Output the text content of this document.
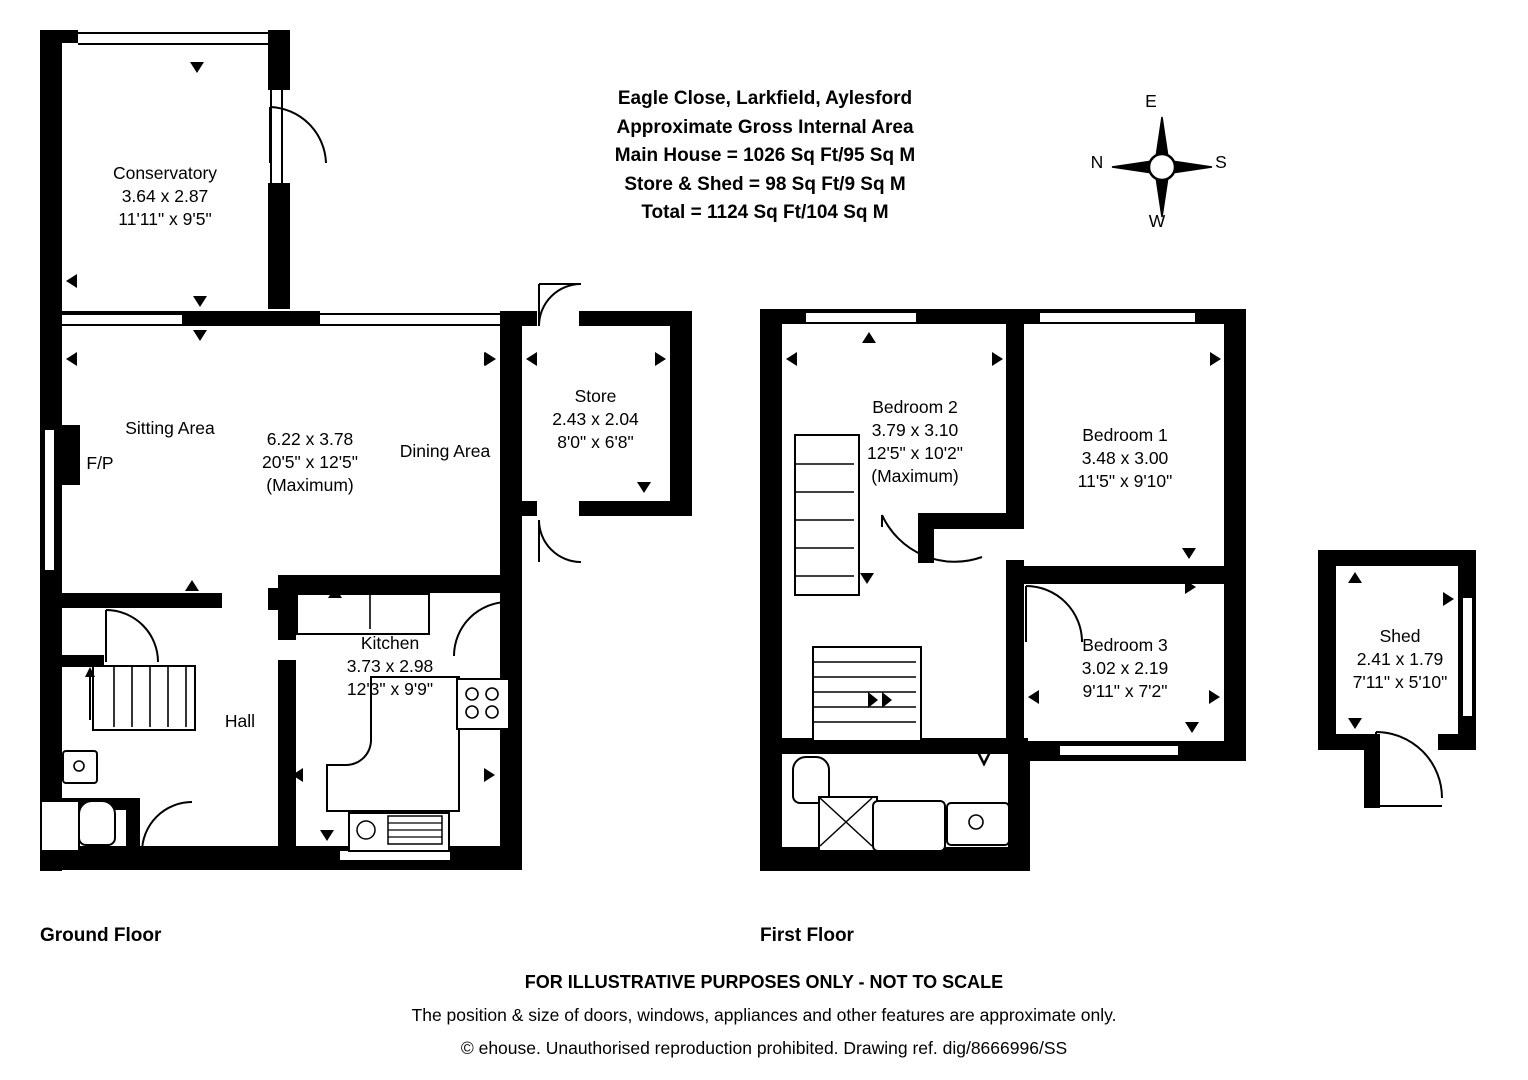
Eagle Close, Larkfield, Aylesford
Approximate Gross Internal Area
Main House = 1026 Sq Ft/95 Sq M
Store & Shed = 98 Sq Ft/9 Sq M
Total = 1124 Sq Ft/104 Sq M
E
N	S
W
Conservatory
3.64 x 2.87
11'11" x 9'5"
Store
2.43 x 2.04
8'0" x 6'8"
F/P
Sitting Area
6.22 x 3.78
20'5" x 12'5"
(Maximum)
Dining Area
Kitchen
3.73 x 2.98
12'3" x 9'9"
Hall
Ground Floor
Bedroom 2
3.79 x 3.10
12'5" x 10'2"
(Maximum)
Bedroom 1
3.48 x 3.00
11'5" x 9'10"
Bedroom 3
3.02 x 2.19
9'11" x 7'2"
First Floor
Shed
2.41 x 1.79
7'11" x 5'10"
FOR ILLUSTRATIVE PURPOSES ONLY - NOT TO SCALE
The position & size of doors, windows, appliances and other features are approximate only.
© ehouse. Unauthorised reproduction prohibited. Drawing ref. dig/8666996/SS
